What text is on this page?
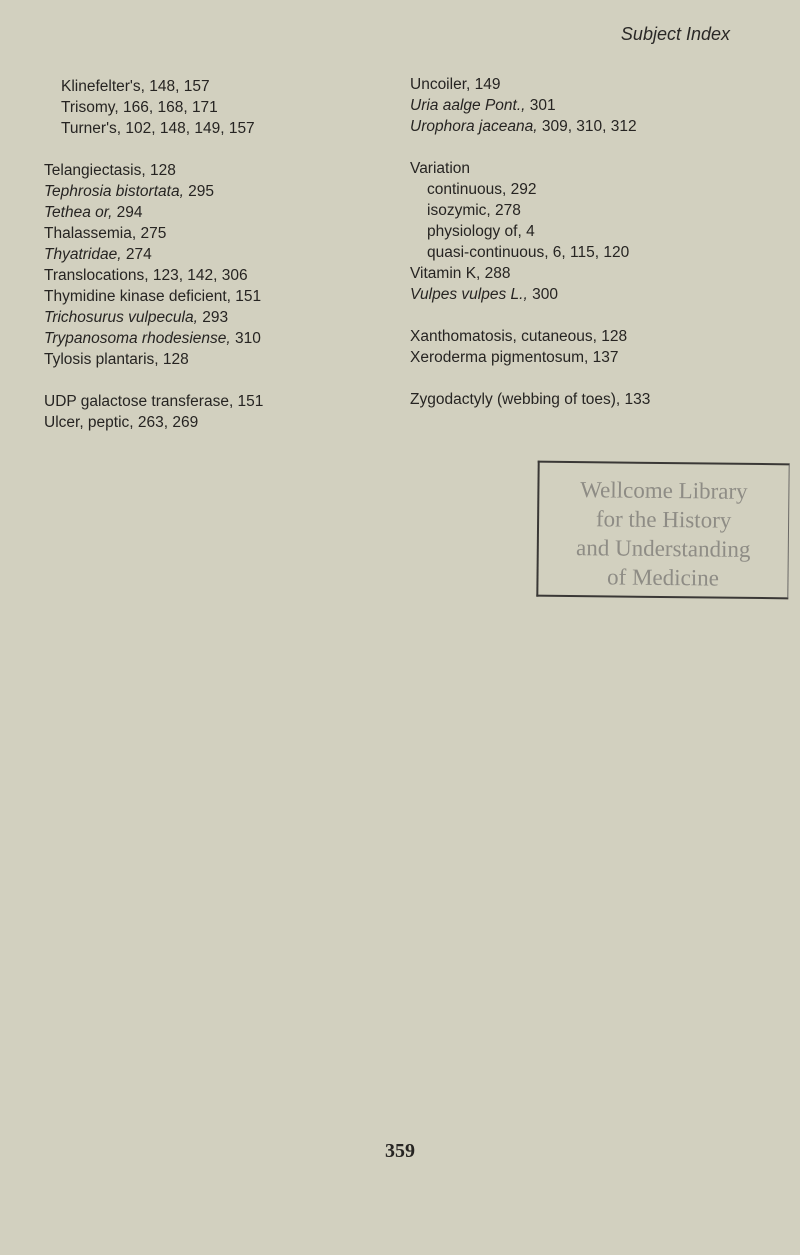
Subject Index
Klinefelter's, 148, 157
Trisomy, 166, 168, 171
Turner's, 102, 148, 149, 157
Telangiectasis, 128
Tephrosia bistortata, 295
Tethea or, 294
Thalassemia, 275
Thyatridae, 274
Translocations, 123, 142, 306
Thymidine kinase deficient, 151
Trichosurus vulpecula, 293
Trypanosoma rhodesiense, 310
Tylosis plantaris, 128
UDP galactose transferase, 151
Ulcer, peptic, 263, 269
Uncoiler, 149
Uria aalge Pont., 301
Urophora jaceana, 309, 310, 312
Variation
continuous, 292
isozymic, 278
physiology of, 4
quasi-continuous, 6, 115, 120
Vitamin K, 288
Vulpes vulpes L., 300
Xanthomatosis, cutaneous, 128
Xeroderma pigmentosum, 137
Zygodactyly (webbing of toes), 133
Wellcome Library
for the History
and Understanding
of Medicine
359
